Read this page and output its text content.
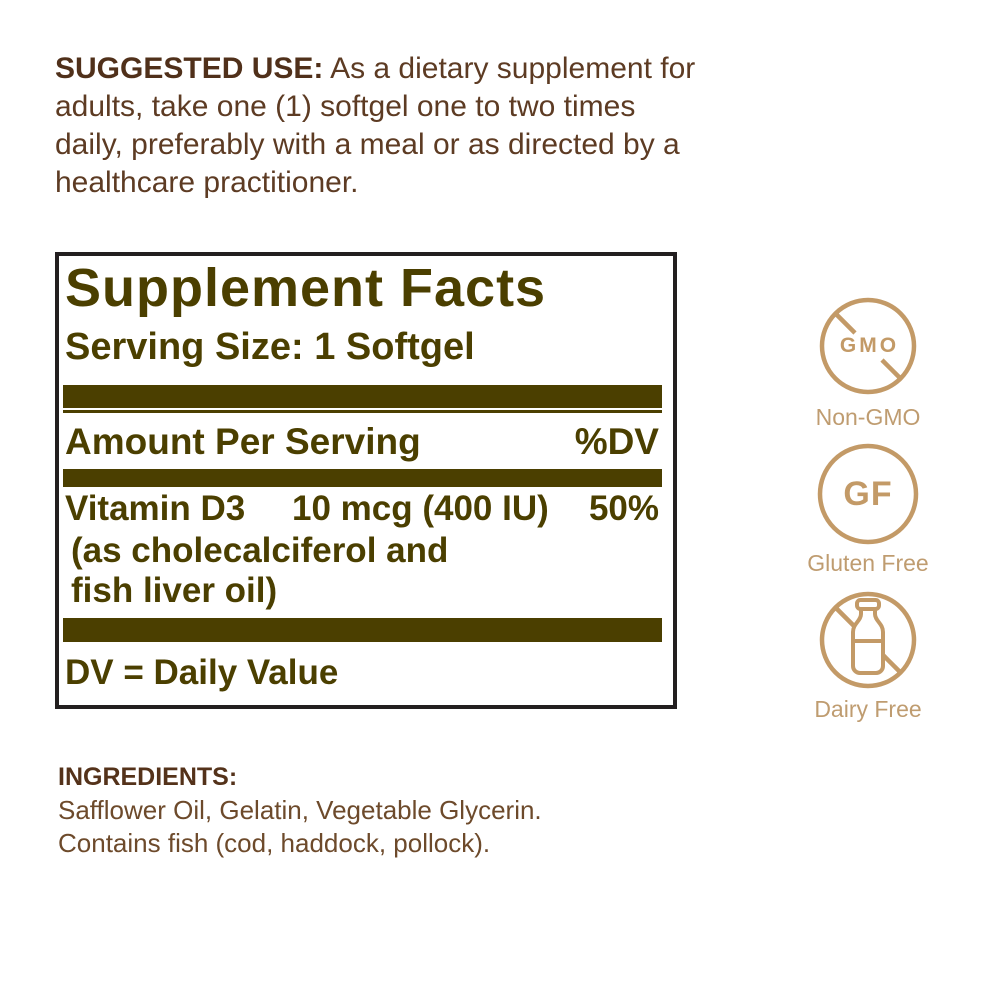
SUGGESTED USE: As a dietary supplement for
adults, take one (1) softgel one to two times
daily, preferably with a meal or as directed by a
healthcare practitioner.
Supplement Facts
Serving Size: 1 Softgel
Amount Per Serving	%DV
Vitamin D3	10 mcg (400 IU)	50%
(as cholecalciferol and
fish liver oil)
DV = Daily Value
GMO
Non-GMO
GF
Gluten Free
Dairy Free
INGREDIENTS:
Safflower Oil, Gelatin, Vegetable Glycerin.
Contains fish (cod, haddock, pollock).
